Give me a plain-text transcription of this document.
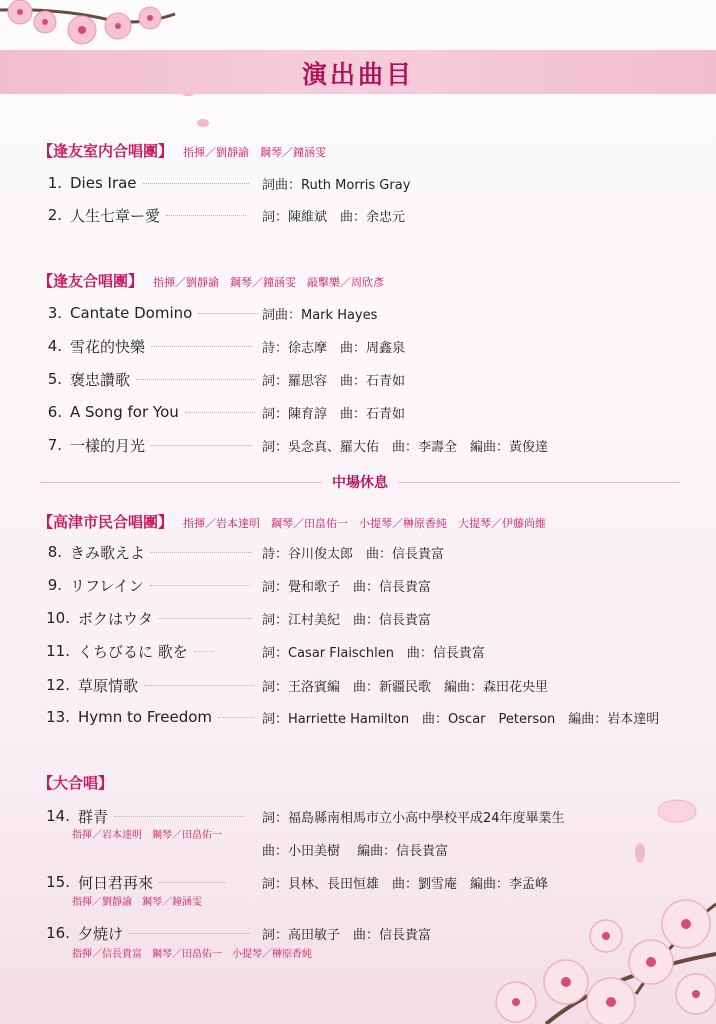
演出曲目
【逢友室内合唱團】 指揮／劉靜諭　鋼琴／鐘涵雯
1. Dies Irae	詞曲：Ruth Morris Gray
2. 人生七章ー愛	詞：陳維斌　曲：余忠元
【逢友合唱團】 指揮／劉靜諭　鋼琴／鐘涵雯　敲擊樂／周欣彥
3. Cantate Domino	詞曲：Mark Hayes
4. 雪花的快樂	詩：徐志摩　曲：周鑫泉
5. 褒忠讚歌	詞：羅思容　曲：石青如
6. A Song for You	詞：陳育諄　曲：石青如
7. 一樣的月光	詞：吳念真、羅大佑　曲：李壽全　編曲：黃俊達
中場休息
【高津市民合唱團】 指揮／岩本達明　鋼琴／田畠佑一　小提琴／榊原香純　大提琴／伊藤尚維
8. きみ歌えよ	詩：谷川俊太郎　曲：信長貴富
9. リフレイン	詞：覺和歌子　曲：信長貴富
10. ボクはウタ	詞：江村美紀　曲：信長貴富
11. くちびるに 歌を	詞：Casar Flaischlen　曲：信長貴富
12. 草原情歌	詞：王洛賓編　曲：新疆民歌　編曲：森田花央里
13. Hymn to Freedom	詞：Harriette Hamilton　曲：Oscar　Peterson　編曲：岩本達明
【大合唱】
14. 群青	詞：福島縣南相馬市立小高中學校平成24年度畢業生
指揮／岩本達明　鋼琴／田畠佑一
曲：小田美樹　 編曲：信長貴富
15. 何日君再來	詞：貝林、長田恒雄　曲：劉雪庵　編曲：李孟峰
指揮／劉靜諭　鋼琴／鐘涵雯
16. 夕焼け	詞：高田敏子　曲：信長貴富
指揮／信長貴富　鋼琴／田畠佑一　小提琴／榊原香純
